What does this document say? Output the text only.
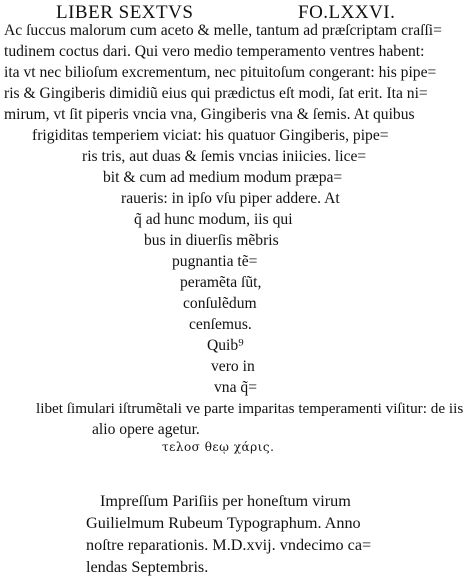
LIBER SEXTVS	FO.LXXVI.
Ac ſuccus malorum cum aceto & melle, tantum ad præſcriptam craſſi=
tudinem coctus dari. Qui vero medio temperamento ventres habent:
ita vt nec bilioſum excrementum, nec pituitoſum congerant: his pipe=
ris & Gingiberis dimidiũ eius qui prædictus eſt modi, ſat erit. Ita ni=
mirum, vt ſit piperis vncia vna, Gingiberis vna & ſemis. At quibus
frigiditas temperiem viciat: his quatuor Gingiberis, pipe=
ris tris, aut duas & ſemis vncias iniicies. lice=
bit & cum ad medium modum præpa=
raueris: in ipſo vſu piper addere. At
q̃ ad hunc modum, iis qui
bus in diuerſis mẽbris
pugnantia tẽ=
peramẽta ſũt,
conſulẽdum
cenſemus.
Quib⁹
vero in
vna q̃=
libet ſimulari iſtrumẽtali ve parte imparitas temperamenti viſitur: de iis
alio opere agetur.
τελοσ θεῳ χάρις.
Impreſſum Pariſiis per honeſtum virum
Guilielmum Rubeum Typographum. Anno
noſtre reparationis. M.D.xvij. vndecimo ca=
lendas Septembris.
